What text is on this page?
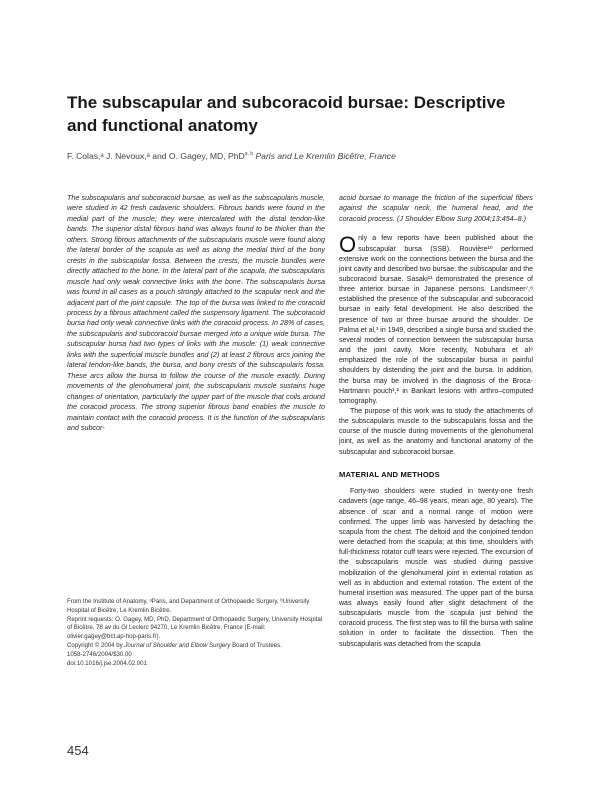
The subscapular and subcoracoid bursae: Descriptive and functional anatomy
F. Colas,ᵃ J. Nevoux,ᵃ and O. Gagey, MD, PhD$^{a, b}$ Paris and Le Kremlin Bicêtre, France
The subscapularis and subcoracoid bursae, as well as the subscapularis muscle, were studied in 42 fresh cadaveric shoulders. Fibrous bands were found in the medial part of the muscle; they were intercalated with the distal tendon-like bands. The superior distal fibrous band was always found to be thicker than the others. Strong fibrous attachments of the subscapularis muscle were found along the lateral border of the scapula as well as along the medial third of the bony crests in the subscapular fossa. Between the crests, the muscle bundles were directly attached to the bone. In the lateral part of the scapula, the subscapularis muscle had only weak connective links with the bone. The subscapularis bursa was found in all cases as a pouch strongly attached to the scapular neck and the adjacent part of the joint capsule. The top of the bursa was linked to the coracoid process by a fibrous attachment called the suspensory ligament. The subcoracoid bursa had only weak connective links with the coracoid process. In 28% of cases, the subscapularis and subcoracoid bursae merged into a unique wide bursa. The subscapular bursa had two types of links with the muscle: (1) weak connective links with the superficial muscle bundles and (2) at least 2 fibrous arcs joining the lateral tendon-like bands, the bursa, and bony crests of the subscapularis fossa. These arcs allow the bursa to follow the course of the muscle exactly. During movements of the glenohumeral joint, the subscapularis muscle sustains huge changes of orientation, particularly the upper part of the muscle that coils around the coracoid process. The strong superior fibrous band enables the muscle to maintain contact with the coracoid process. It is the function of the subscapularis and subcor-

acoid bursae to manage the friction of the superficial fibers against the scapular neck, the humeral head, and the coracoid process. (J Shoulder Elbow Surg 2004;13:454–8.)

Only a few reports have been published about the subscapular bursa (SSB). Rouvière¹⁰ performed extensive work on the connections between the bursa and the joint cavity and described two bursae: the subscapular and the subcoracoid bursae. Sasaki¹¹ demonstrated the presence of three anterior bursae in Japanese persons. Landsmeer⁷,⁸ established the presence of the subscapular and subcoracoid bursae in early fetal development. He also described the presence of two or three bursae around the shoulder. De Palma et al,³ in 1949, described a single bursa and studied the several modes of connection between the subscapular bursa and the joint cavity. More recently, Nobuhara et al⁹ emphasized the role of the subscapular bursa in painful shoulders by distending the joint and the bursa. In addition, the bursa may be involved in the diagnosis of the Broca-Hartmann pouch¹,² in Bankart lesions with arthro–computed tomography.

The purpose of this work was to study the attachments of the subscapularis muscle to the subscapularis fossa and the course of the muscle during movements of the glenohumeral joint, as well as the anatomy and functional anatomy of the subscapular and subcoracoid bursae.

MATERIAL AND METHODS

Forty-two shoulders were studied in twenty-one fresh cadavers (age range, 46–98 years, mean age, 80 years). The absence of scar and a normal range of motion were confirmed. The upper limb was harvested by detaching the scapula from the chest. The deltoid and the conjoined tendon were detached from the scapula; at this time, shoulders with full-thickness rotator cuff tears were rejected. The excursion of the subscapularis muscle was studied during passive mobilization of the glenohumeral joint in external rotation as well as in abduction and external rotation. The extent of the humeral insertion was measured. The upper part of the bursa was always easily found after slight detachment of the subscapularis muscle from the scapula just behind the coracoid process. The first step was to fill the bursa with saline solution in order to facilitate the dissection. Then the subscapularis was detached from the scapula

From the Institute of Anatomy, ᵃParis, and Department of Orthopaedic Surgery, ᵇUniversity Hospital of Bicêtre, Le Kremlin Bicêtre.

Reprint requests: O. Gagey, MD, PhD, Department of Orthopaedic Surgery, University Hospital of Bicêtre, 78 av du Gl Leclerc 94270, Le Kremlin Bicêtre, France (E-mail: olivier.gagey@bct.ap-hop-paris.fr).

Copyright © 2004 by Journal of Shoulder and Elbow Surgery Board of Trustees.

1058-2746/2004/$30.00

doi:10.1016/j.jse.2004.02.001

454
